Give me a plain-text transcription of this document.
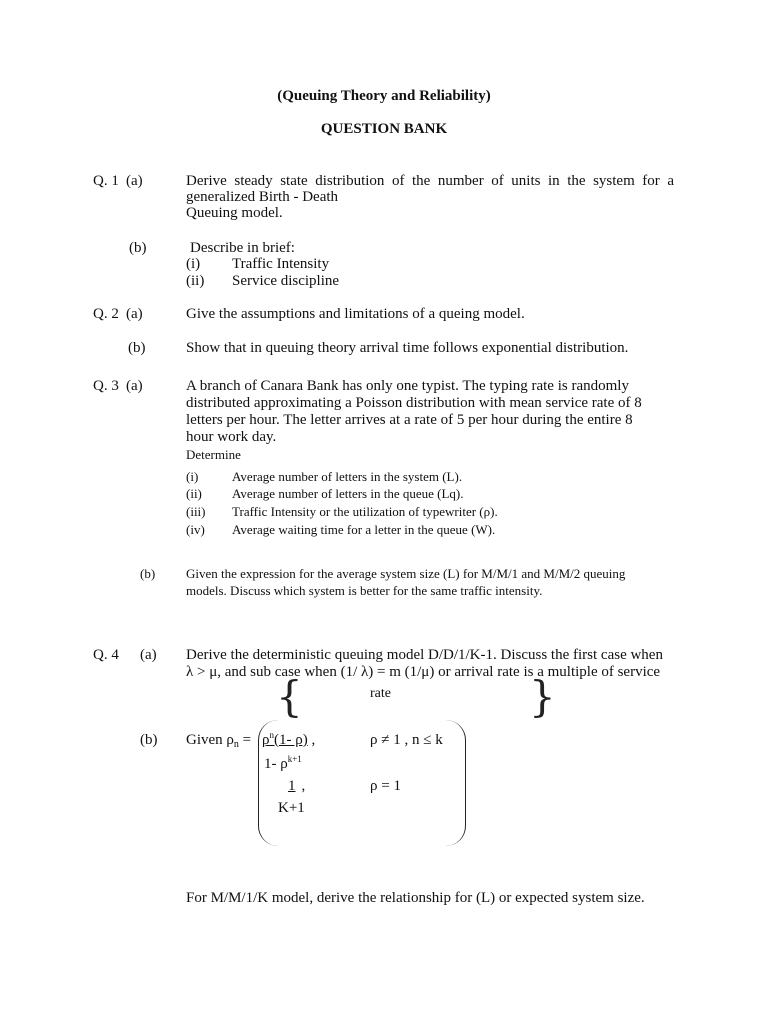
(Queuing Theory and Reliability)
QUESTION BANK
Q. 1 (a)	Derive steady state distribution of the number of units in the system for a
generalized Birth - Death
Queuing model.
(b)	Describe in brief:
(i) Traffic Intensity
(ii) Service discipline
Q. 2 (a)	Give the assumptions and limitations of a queing model.
(b)	Show that in queuing theory arrival time follows exponential distribution.
Q. 3 (a)	A branch of Canara Bank has only one typist. The typing rate is randomly
distributed approximating a Poisson distribution with mean service rate of 8
letters per hour. The letter arrives at a rate of 5 per hour during the entire 8
hour work day.
Determine
(i)	Average number of letters in the system (L).
(ii) Average number of letters in the queue (Lq).
(iii) Traffic Intensity or the utilization of typewriter (ρ).
(iv) Average waiting time for a letter in the queue (W).
(b) Given the expression for the average system size (L) for M/M/1 and M/M/2 queuing
models. Discuss which system is better for the same traffic intensity.
Q. 4 (a) Derive the deterministic queuing model D/D/1/K-1. Discuss the first case when
λ > μ, and sub case when (1/ λ) = m (1/μ) or arrival rate is a multiple of service
{	rate	}
(b) Given $\rho_n = \rho^n(1-$ ρ) ,	ρ ≠ 1 , n ≤ k
1- $\rho^{k+1}$
1 ,	ρ = 1
K+1
For M/M/1/K model, derive the relationship for (L) or expected system size.
